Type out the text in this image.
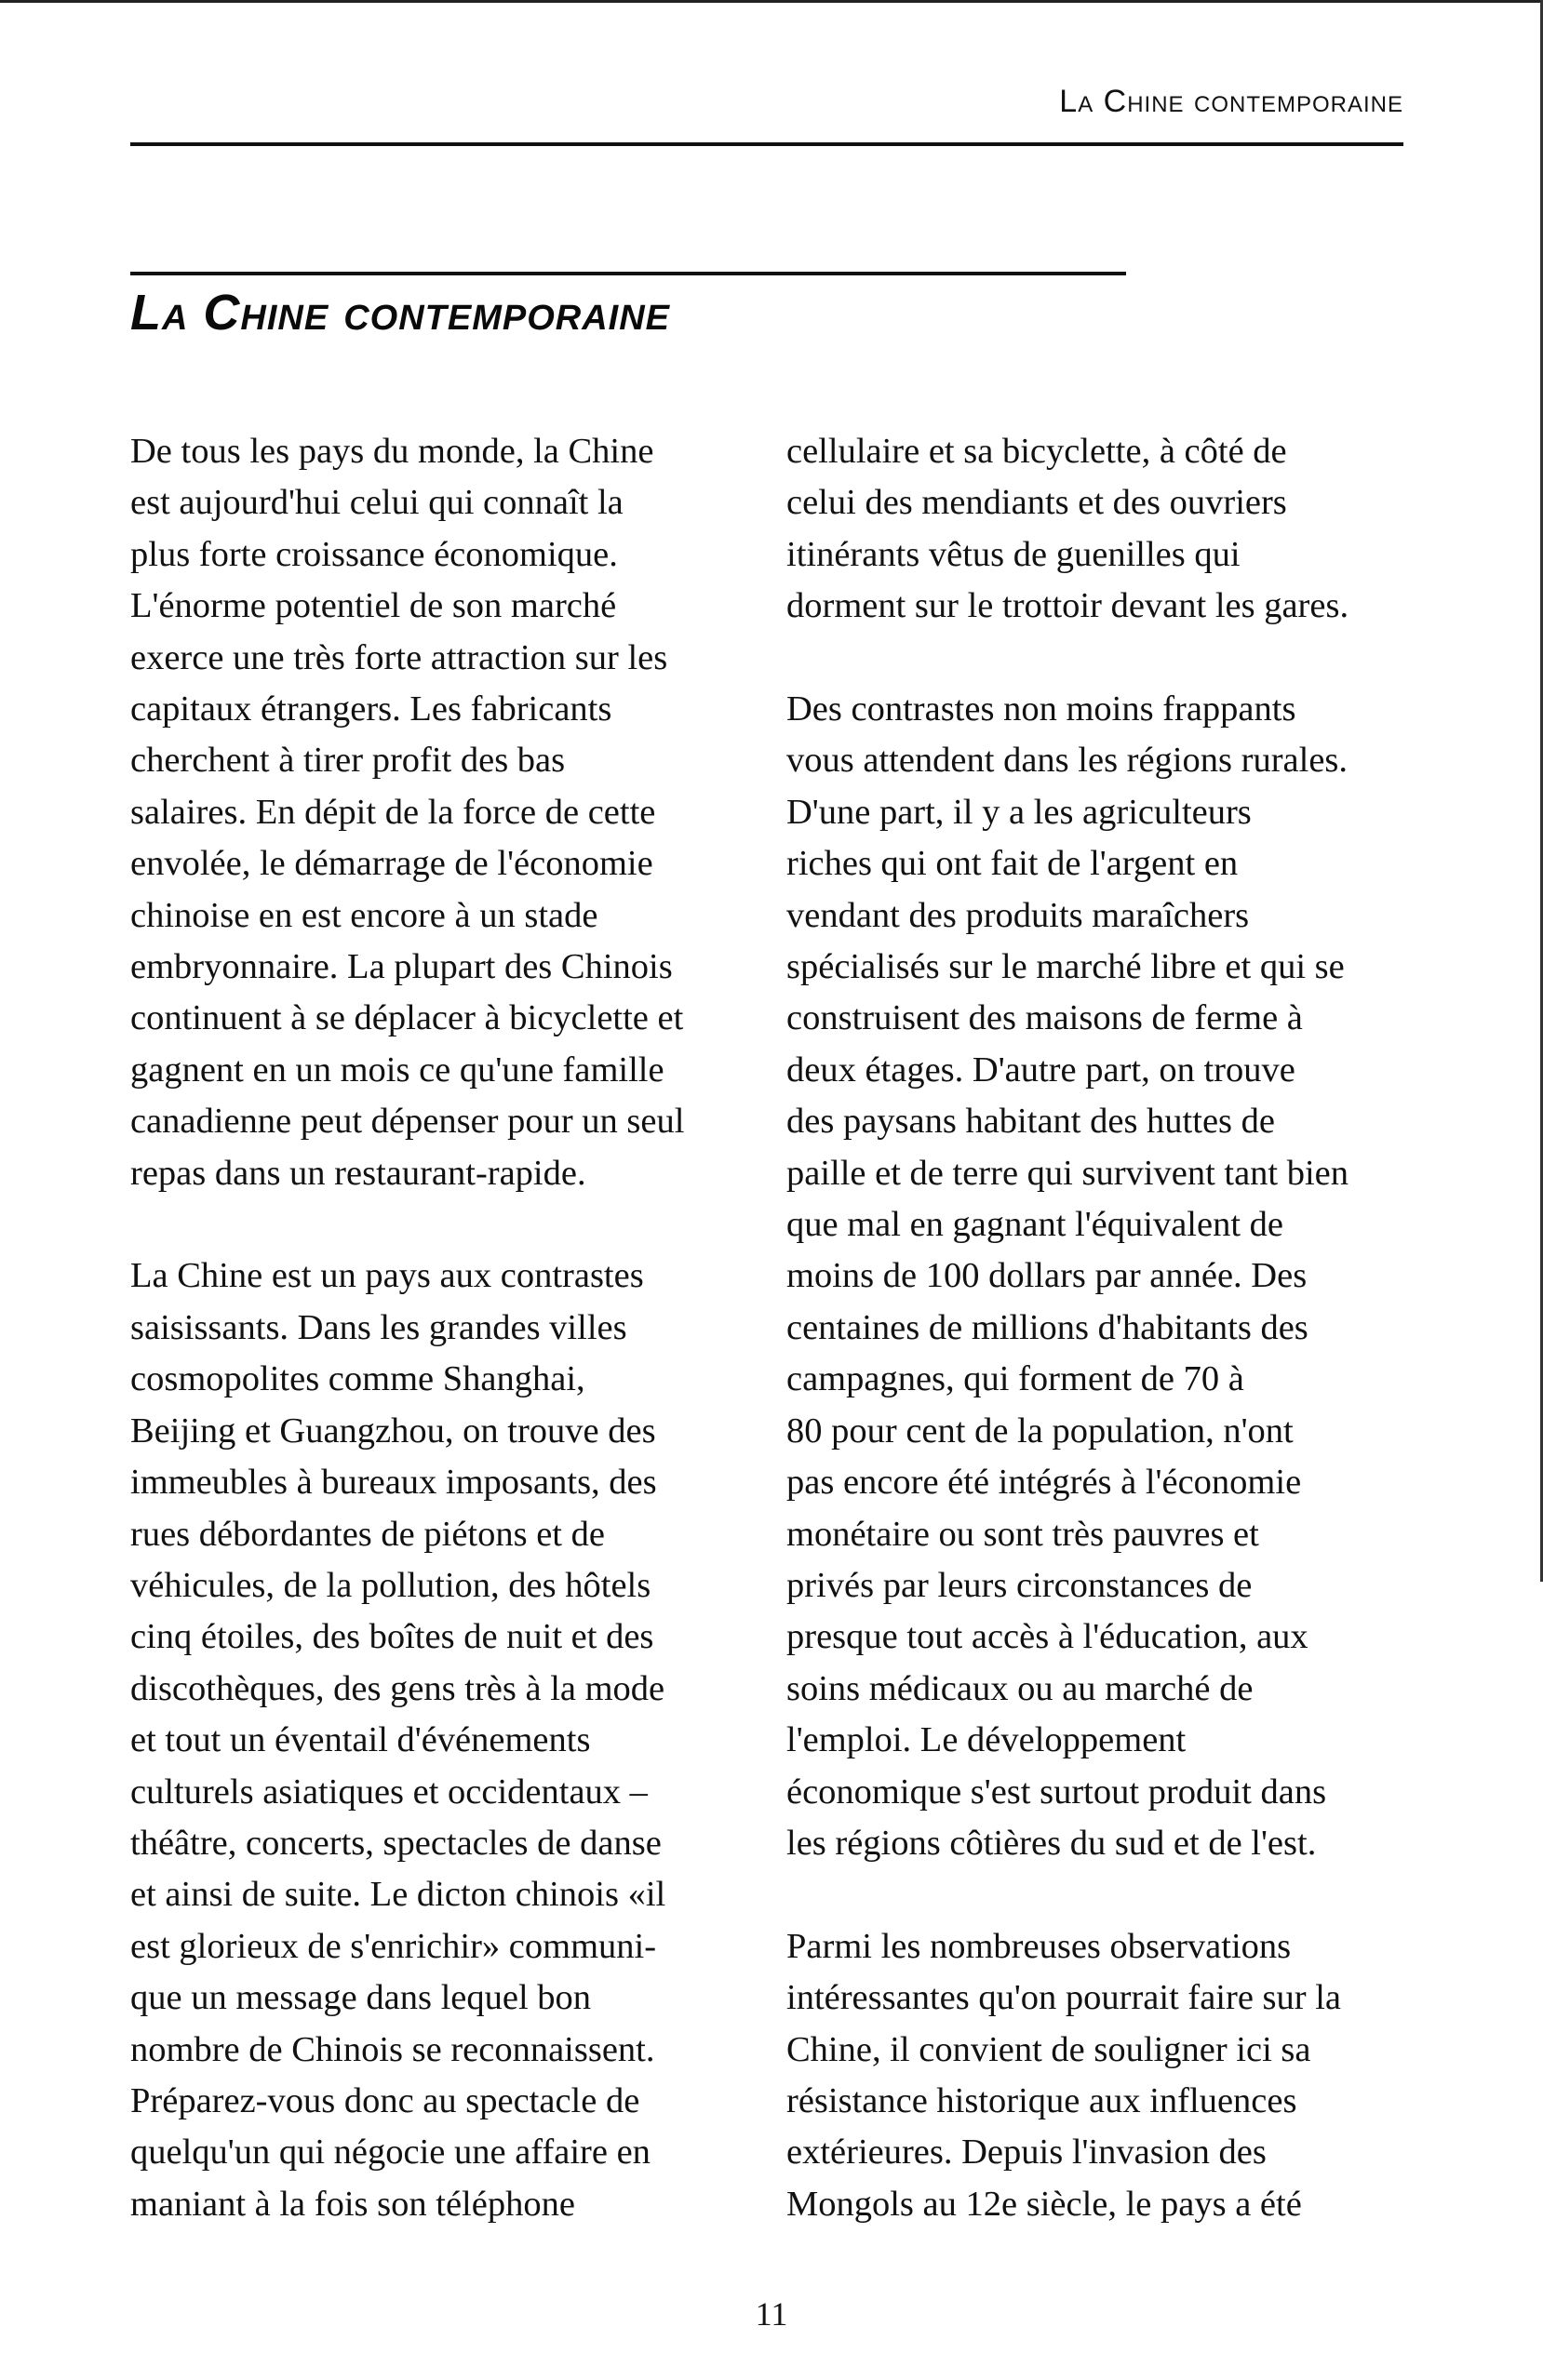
La Chine contemporaine
La Chine contemporaine

De tous les pays du monde, la Chine
est aujourd'hui celui qui connaît la
plus forte croissance économique.
L'énorme potentiel de son marché
exerce une très forte attraction sur les
capitaux étrangers. Les fabricants
cherchent à tirer profit des bas
salaires. En dépit de la force de cette
envolée, le démarrage de l'économie
chinoise en est encore à un stade
embryonnaire. La plupart des Chinois
continuent à se déplacer à bicyclette et
gagnent en un mois ce qu'une famille
canadienne peut dépenser pour un seul
repas dans un restaurant-rapide.

La Chine est un pays aux contrastes
saisissants. Dans les grandes villes
cosmopolites comme Shanghai,
Beijing et Guangzhou, on trouve des
immeubles à bureaux imposants, des
rues débordantes de piétons et de
véhicules, de la pollution, des hôtels
cinq étoiles, des boîtes de nuit et des
discothèques, des gens très à la mode
et tout un éventail d'événements
culturels asiatiques et occidentaux –
théâtre, concerts, spectacles de danse
et ainsi de suite. Le dicton chinois «il
est glorieux de s'enrichir» communi-
que un message dans lequel bon
nombre de Chinois se reconnaissent.
Préparez-vous donc au spectacle de
quelqu'un qui négocie une affaire en
maniant à la fois son téléphone

cellulaire et sa bicyclette, à côté de
celui des mendiants et des ouvriers
itinérants vêtus de guenilles qui
dorment sur le trottoir devant les gares.

Des contrastes non moins frappants
vous attendent dans les régions rurales.
D'une part, il y a les agriculteurs
riches qui ont fait de l'argent en
vendant des produits maraîchers
spécialisés sur le marché libre et qui se
construisent des maisons de ferme à
deux étages. D'autre part, on trouve
des paysans habitant des huttes de
paille et de terre qui survivent tant bien
que mal en gagnant l'équivalent de
moins de 100 dollars par année. Des
centaines de millions d'habitants des
campagnes, qui forment de 70 à
80 pour cent de la population, n'ont
pas encore été intégrés à l'économie
monétaire ou sont très pauvres et
privés par leurs circonstances de
presque tout accès à l'éducation, aux
soins médicaux ou au marché de
l'emploi. Le développement
économique s'est surtout produit dans
les régions côtières du sud et de l'est.

Parmi les nombreuses observations
intéressantes qu'on pourrait faire sur la
Chine, il convient de souligner ici sa
résistance historique aux influences
extérieures. Depuis l'invasion des
Mongols au 12e siècle, le pays a été

11
